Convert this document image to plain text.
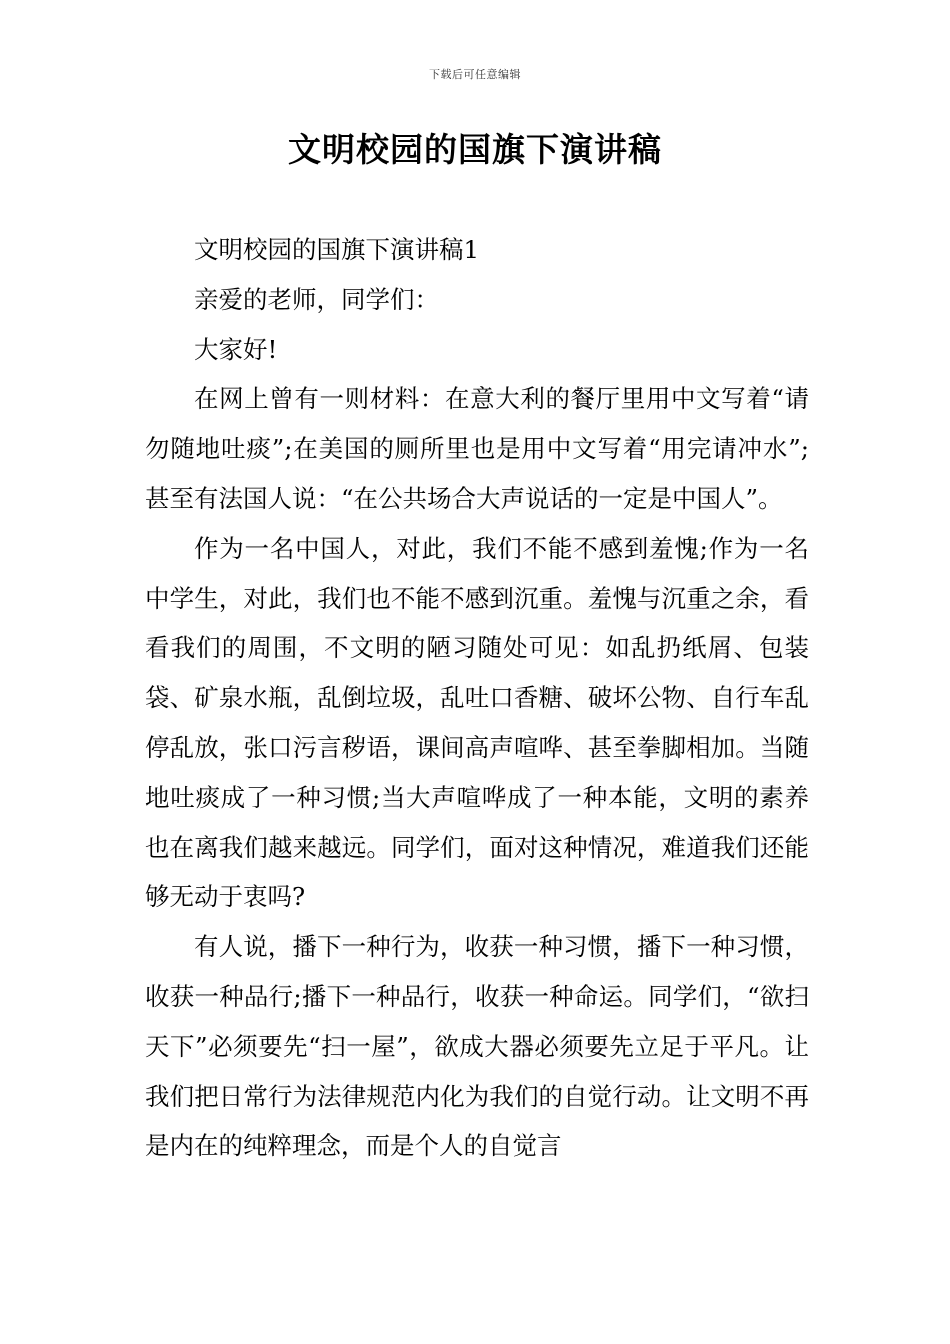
下载后可任意编辑
文明校园的国旗下演讲稿

文明校园的国旗下演讲稿1

亲爱的老师，同学们：

大家好!

在网上曾有一则材料：在意大利的餐厅里用中文写着“请勿随地吐痰”;在美国的厕所里也是用中文写着“用完请冲水”;甚至有法国人说：“在公共场合大声说话的一定是中国人”。

作为一名中国人，对此，我们不能不感到羞愧;作为一名中学生，对此，我们也不能不感到沉重。羞愧与沉重之余，看看我们的周围，不文明的陋习随处可见：如乱扔纸屑、包装袋、矿泉水瓶，乱倒垃圾，乱吐口香糖、破坏公物、自行车乱停乱放，张口污言秽语，课间高声喧哗、甚至拳脚相加。当随地吐痰成了一种习惯;当大声喧哗成了一种本能，文明的素养也在离我们越来越远。同学们，面对这种情况，难道我们还能够无动于衷吗?

有人说，播下一种行为，收获一种习惯，播下一种习惯，收获一种品行;播下一种品行，收获一种命运。同学们，“欲扫天下”必须要先“扫一屋”，欲成大器必须要先立足于平凡。让我们把日常行为法律规范内化为我们的自觉行动。让文明不再是内在的纯粹理念，而是个人的自觉言
